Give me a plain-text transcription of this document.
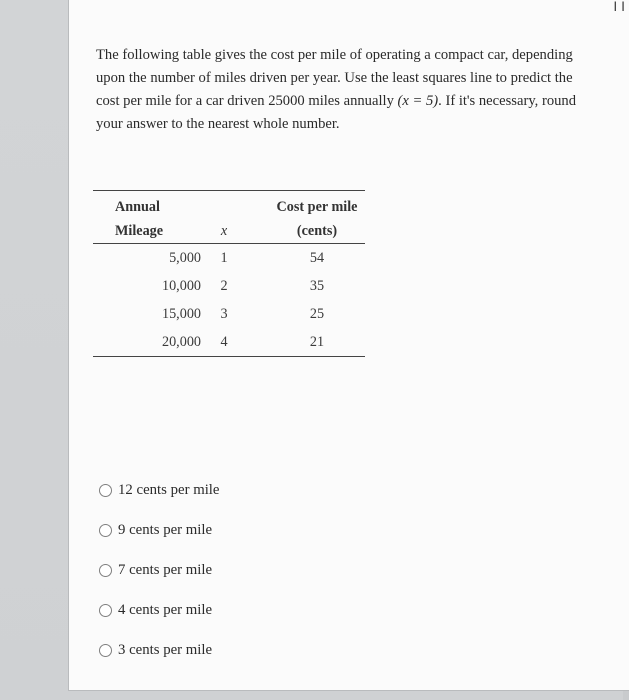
I I
The following table gives the cost per mile of operating a compact car, depending
upon the number of miles driven per year. Use the least squares line to predict the
cost per mile for a car driven 25000 miles annually (x = 5). If it's necessary, round
your answer to the nearest whole number.
Annual
Mileage	x		Cost per mile
(cents)

5,000	1		54
10,000	2		35
15,000	3		25
20,000	4		21
12 cents per mile
9 cents per mile
7 cents per mile
4 cents per mile
3 cents per mile
